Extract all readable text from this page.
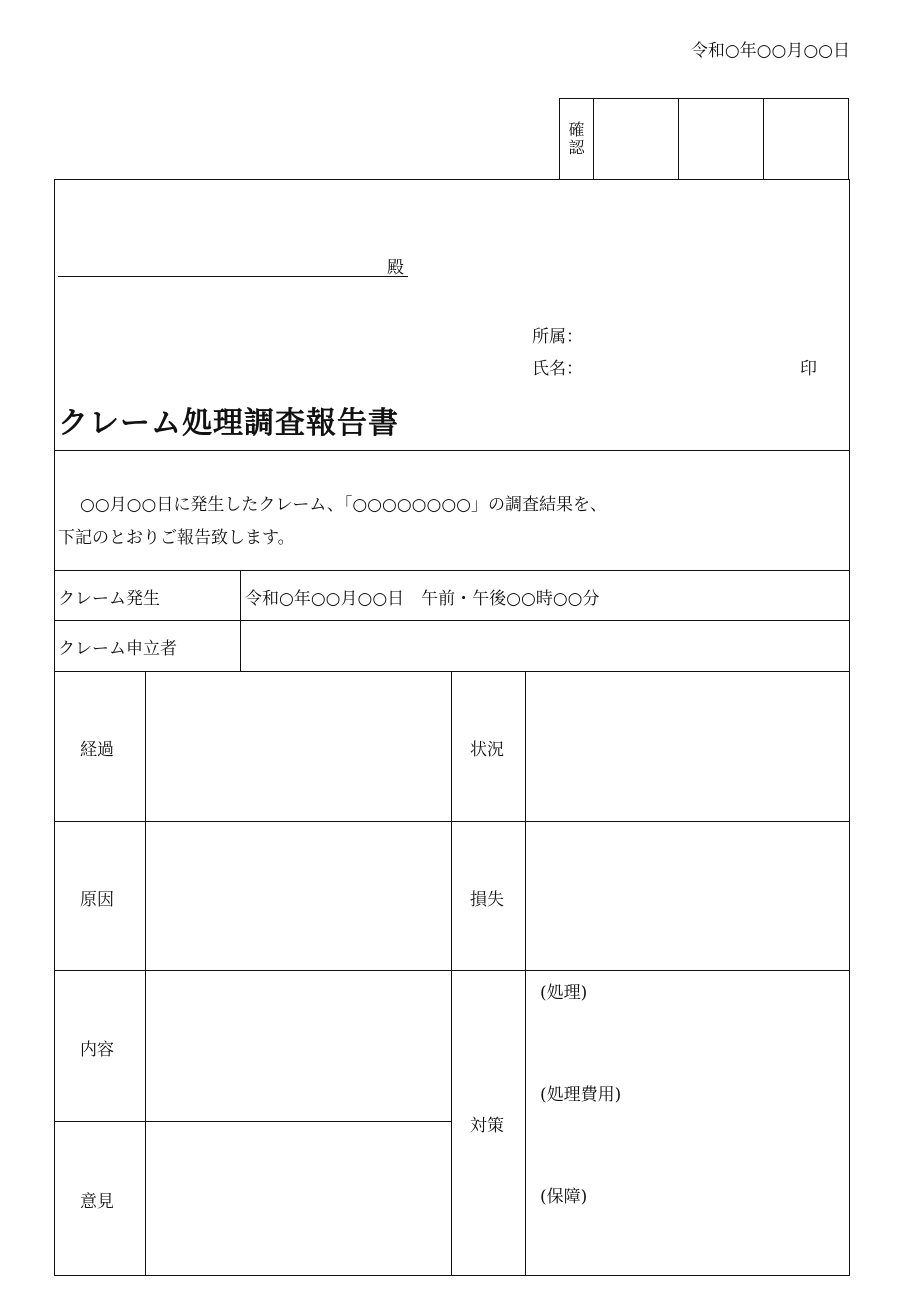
令和○年○○月○○日
確
認
殿
所属：
氏名：	印
クレーム処理調査報告書

○○月○○日に発生したクレーム、「○○○○○○○○」の調査結果を、

下記のとおりご報告致します。

クレーム発生	令和○年○○月○○日　午前・午後○○時○○分
クレーム申立者
経過
原因
内容
意見
状況
損失
対策
(処理)
(処理費用)
(保障)
